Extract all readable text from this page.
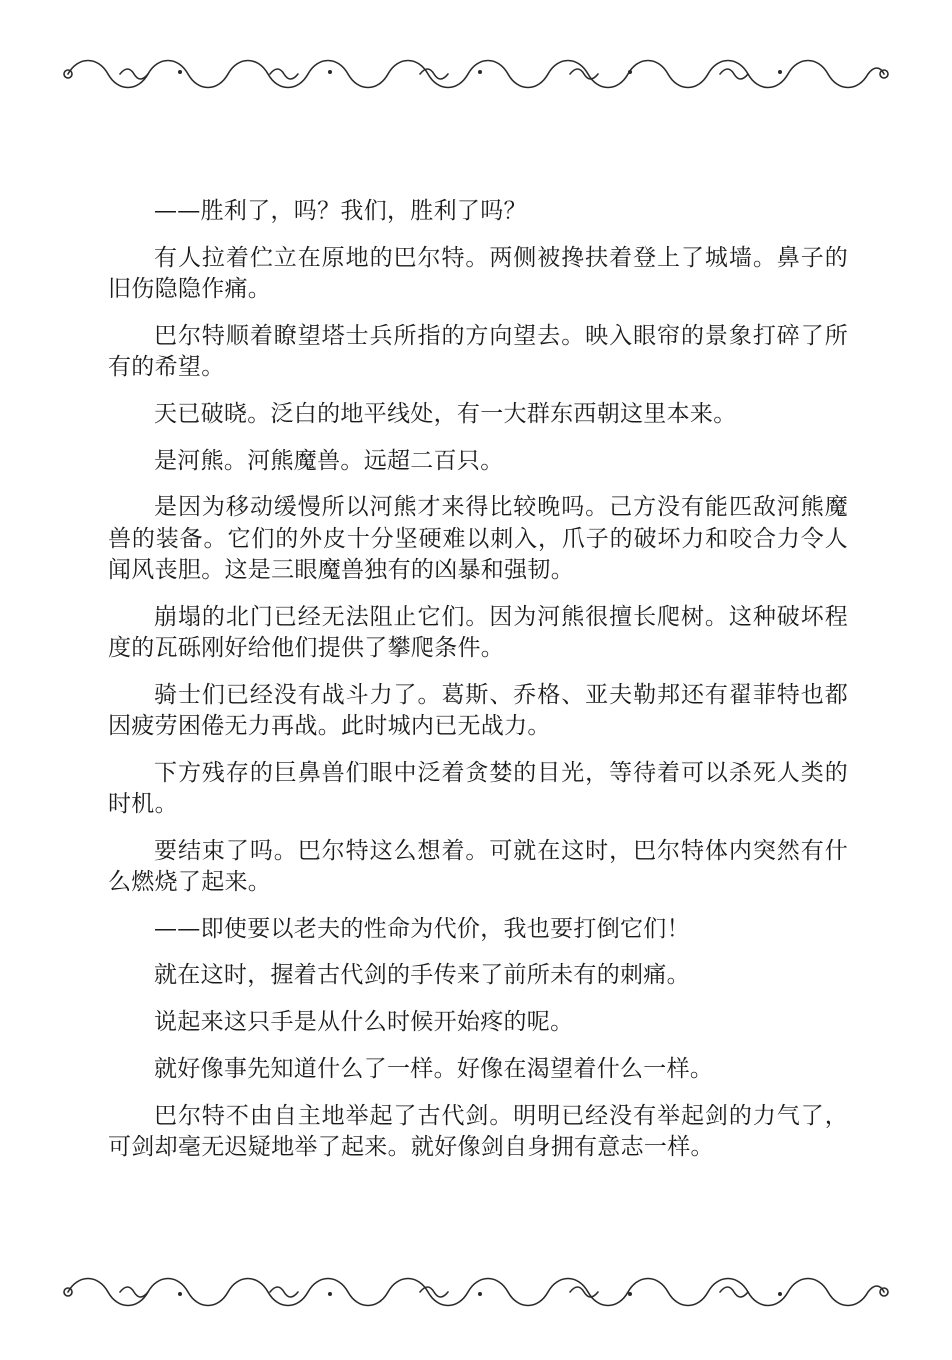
——胜利了，吗？我们，胜利了吗？

有人拉着伫立在原地的巴尔特。两侧被搀扶着登上了城墙。鼻子的旧伤隐隐作痛。

巴尔特顺着瞭望塔士兵所指的方向望去。映入眼帘的景象打碎了所有的希望。

天已破晓。泛白的地平线处，有一大群东西朝这里本来。

是河熊。河熊魔兽。远超二百只。

是因为移动缓慢所以河熊才来得比较晚吗。己方没有能匹敌河熊魔兽的装备。它们的外皮十分坚硬难以刺入，爪子的破坏力和咬合力令人闻风丧胆。这是三眼魔兽独有的凶暴和强韧。

崩塌的北门已经无法阻止它们。因为河熊很擅长爬树。这种破坏程度的瓦砾刚好给他们提供了攀爬条件。

骑士们已经没有战斗力了。葛斯、乔格、亚夫勒邦还有翟菲特也都因疲劳困倦无力再战。此时城内已无战力。

下方残存的巨鼻兽们眼中泛着贪婪的目光，等待着可以杀死人类的时机。

要结束了吗。巴尔特这么想着。可就在这时，巴尔特体内突然有什么燃烧了起来。

——即使要以老夫的性命为代价，我也要打倒它们！

就在这时，握着古代剑的手传来了前所未有的刺痛。

说起来这只手是从什么时候开始疼的呢。

就好像事先知道什么了一样。好像在渴望着什么一样。

巴尔特不由自主地举起了古代剑。明明已经没有举起剑的力气了，可剑却毫无迟疑地举了起来。就好像剑自身拥有意志一样。
